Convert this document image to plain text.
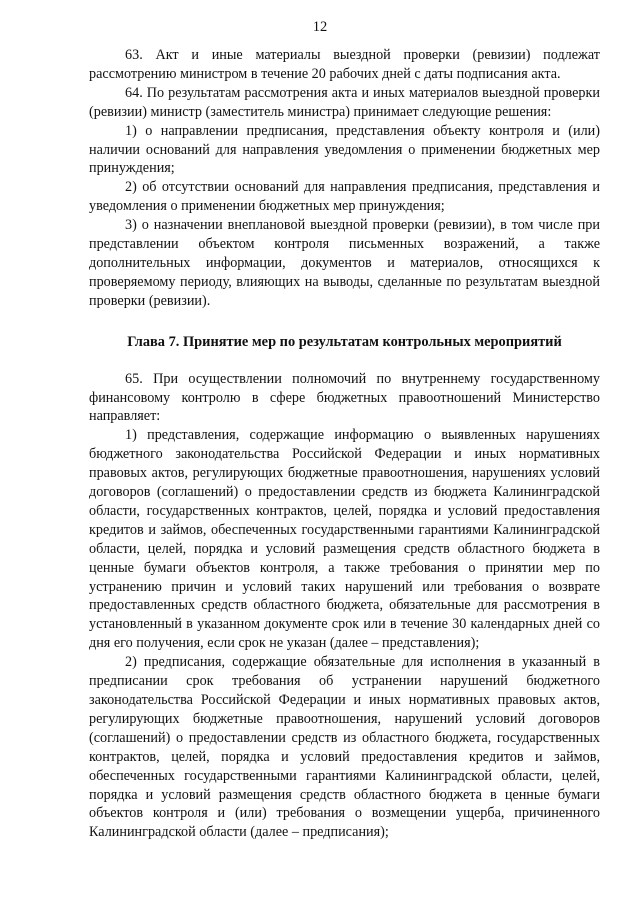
12

63. Акт и иные материалы выездной проверки (ревизии) подлежат рассмотрению министром в течение 20 рабочих дней с даты подписания акта.

64. По результатам рассмотрения акта и иных материалов выездной проверки (ревизии) министр (заместитель министра) принимает следующие решения:

1) о направлении предписания, представления объекту контроля и (или) наличии оснований для направления уведомления о применении бюджетных мер принуждения;

2) об отсутствии оснований для направления предписания, представления и уведомления о применении бюджетных мер принуждения;

3) о назначении внеплановой выездной проверки (ревизии), в том числе при представлении объектом контроля письменных возражений, а также дополнительных информации, документов и материалов, относящихся к проверяемому периоду, влияющих на выводы, сделанные по результатам выездной проверки (ревизии).

Глава 7. Принятие мер по результатам контрольных мероприятий

65. При осуществлении полномочий по внутреннему государственному финансовому контролю в сфере бюджетных правоотношений Министерство направляет:

1) представления, содержащие информацию о выявленных нарушениях бюджетного законодательства Российской Федерации и иных нормативных правовых актов, регулирующих бюджетные правоотношения, нарушениях условий договоров (соглашений) о предоставлении средств из бюджета Калининградской области, государственных контрактов, целей, порядка и условий предоставления кредитов и займов, обеспеченных государственными гарантиями Калининградской области, целей, порядка и условий размещения средств областного бюджета в ценные бумаги объектов контроля, а также требования о принятии мер по устранению причин и условий таких нарушений или требования о возврате предоставленных средств областного бюджета, обязательные для рассмотрения в установленный в указанном документе срок или в течение 30 календарных дней со дня его получения, если срок не указан (далее – представления);

2) предписания, содержащие обязательные для исполнения в указанный в предписании срок требования об устранении нарушений бюджетного законодательства Российской Федерации и иных нормативных правовых актов, регулирующих бюджетные правоотношения, нарушений условий договоров (соглашений) о предоставлении средств из областного бюджета, государственных контрактов, целей, порядка и условий предоставления кредитов и займов, обеспеченных государственными гарантиями Калининградской области, целей, порядка и условий размещения средств областного бюджета в ценные бумаги объектов контроля и (или) требования о возмещении ущерба, причиненного Калининградской области (далее – предписания);
